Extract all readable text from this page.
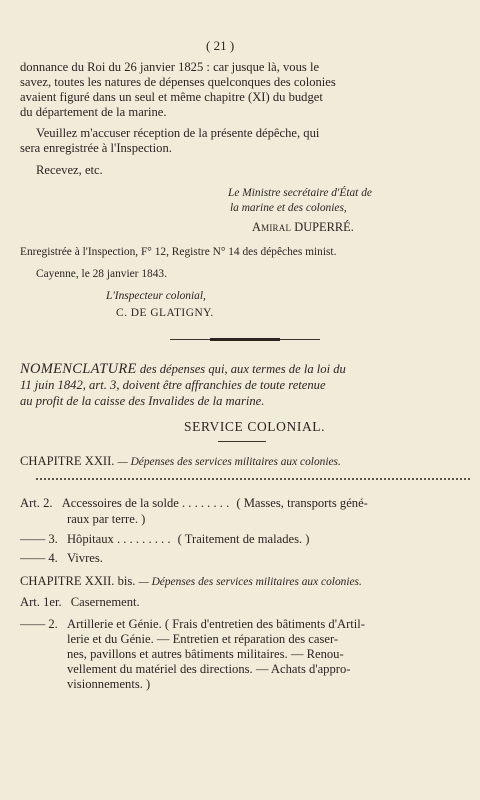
( 21 )
donnance du Roi du 26 janvier 1825 : car jusque là, vous le
savez, toutes les natures de dépenses quelconques des colonies
avaient figuré dans un seul et même chapitre (XI) du budget
du département de la marine.
Veuillez m'accuser réception de la présente dépêche, qui
sera enregistrée à l'Inspection.
Recevez, etc.
Le Ministre secrétaire d'État de
la marine et des colonies,
Amiral DUPERRÉ.
Enregistrée à l'Inspection, F° 12, Registre N° 14 des dépêches minist.
Cayenne, le 28 janvier 1843.
L'Inspecteur colonial,
C. DE GLATIGNY.
NOMENCLATURE des dépenses qui, aux termes de la loi du
11 juin 1842, art. 3, doivent être affranchies de toute retenue
au profit de la caisse des Invalides de la marine.
SERVICE COLONIAL.
CHAPITRE XXII. — Dépenses des services militaires aux colonies.
Art. 2. Accessoires de la solde . . . . . . . . ( Masses, transports géné-
raux par terre. )
—— 3. Hôpitaux . . . . . . . . . ( Traitement de malades. )
—— 4. Vivres.
CHAPITRE XXII. bis. — Dépenses des services militaires aux colonies.
Art. 1er. Casernement.
—— 2. Artillerie et Génie. ( Frais d'entretien des bâtiments d'Artil-
lerie et du Génie. — Entretien et réparation des caser-
nes, pavillons et autres bâtiments militaires. — Renou-
vellement du matériel des directions. — Achats d'appro-
visionnements. )
